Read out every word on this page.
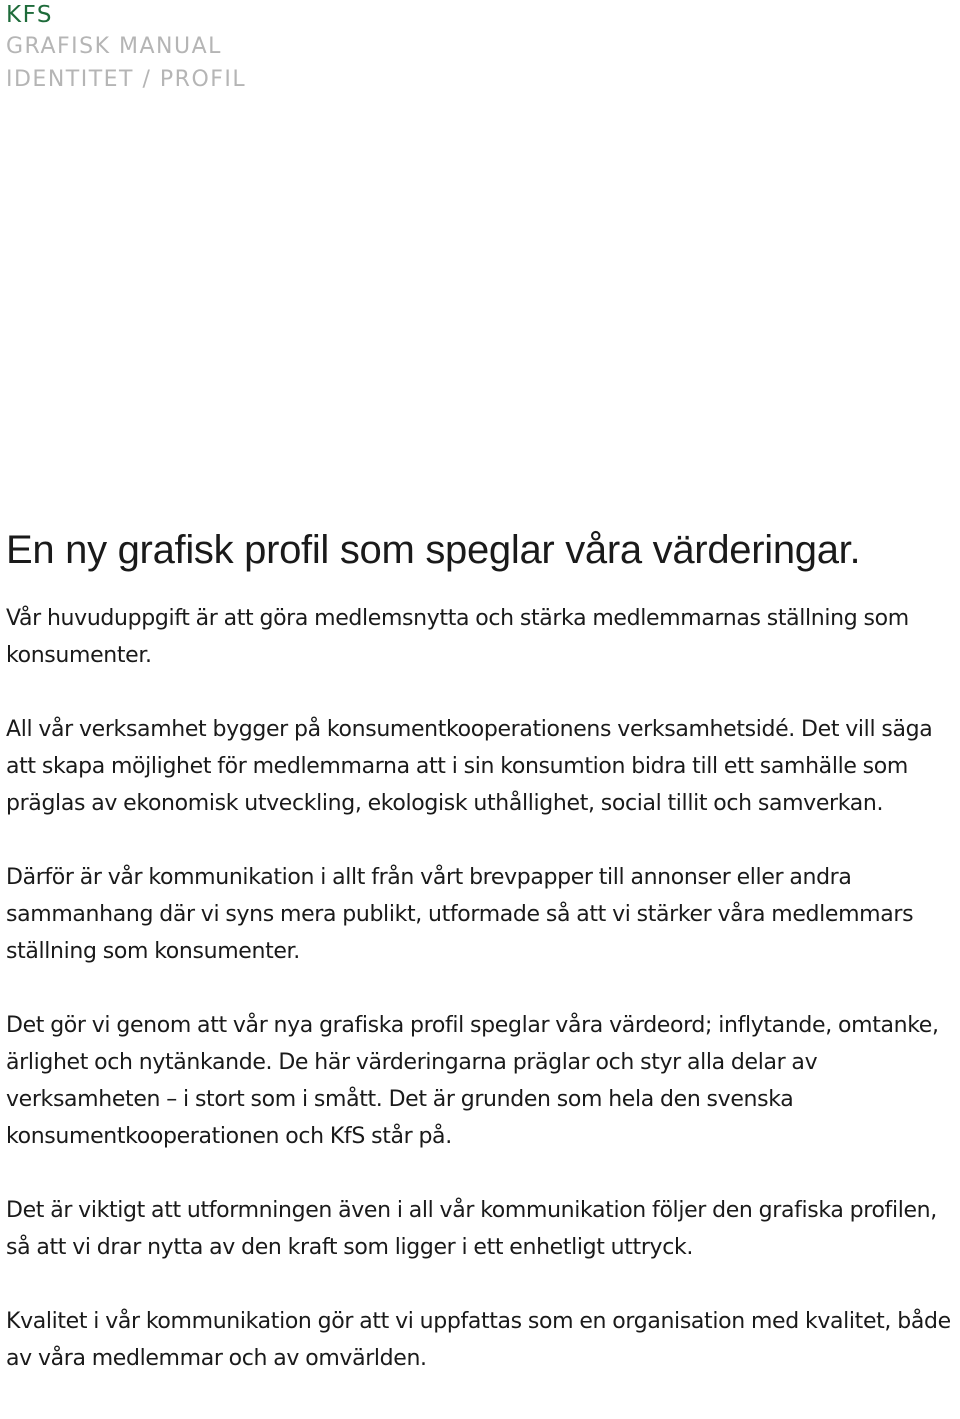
KFS

GRAFISK MANUAL

IDENTITET / PROFIL

En ny grafisk profil som speglar våra värderingar.

Vår huvuduppgift är att göra medlemsnytta och stärka medlemmarnas ställning som konsumenter.

All vår verksamhet bygger på konsumentkooperationens verksamhetsidé. Det vill säga att skapa möjlighet för medlemmarna att i sin konsumtion bidra till ett samhälle som präglas av ekonomisk utveckling, ekologisk uthållighet, social tillit och samverkan.

Därför är vår kommunikation i allt från vårt brevpapper till annonser eller andra sammanhang där vi syns mera publikt, utformade så att vi stärker våra medlemmars ställning som konsumenter.

Det gör vi genom att vår nya grafiska profil speglar våra värdeord; inflytande, omtanke, ärlighet och nytänkande. De här värderingarna präglar och styr alla delar av verksamheten – i stort som i smått. Det är grunden som hela den svenska konsumentkooperationen och KfS står på.

Det är viktigt att utformningen även i all vår kommunikation följer den grafiska profilen, så att vi drar nytta av den kraft som ligger i ett enhetligt uttryck.

Kvalitet i vår kommunikation gör att vi uppfattas som en organisation med kvalitet, både av våra medlemmar och av omvärlden.
